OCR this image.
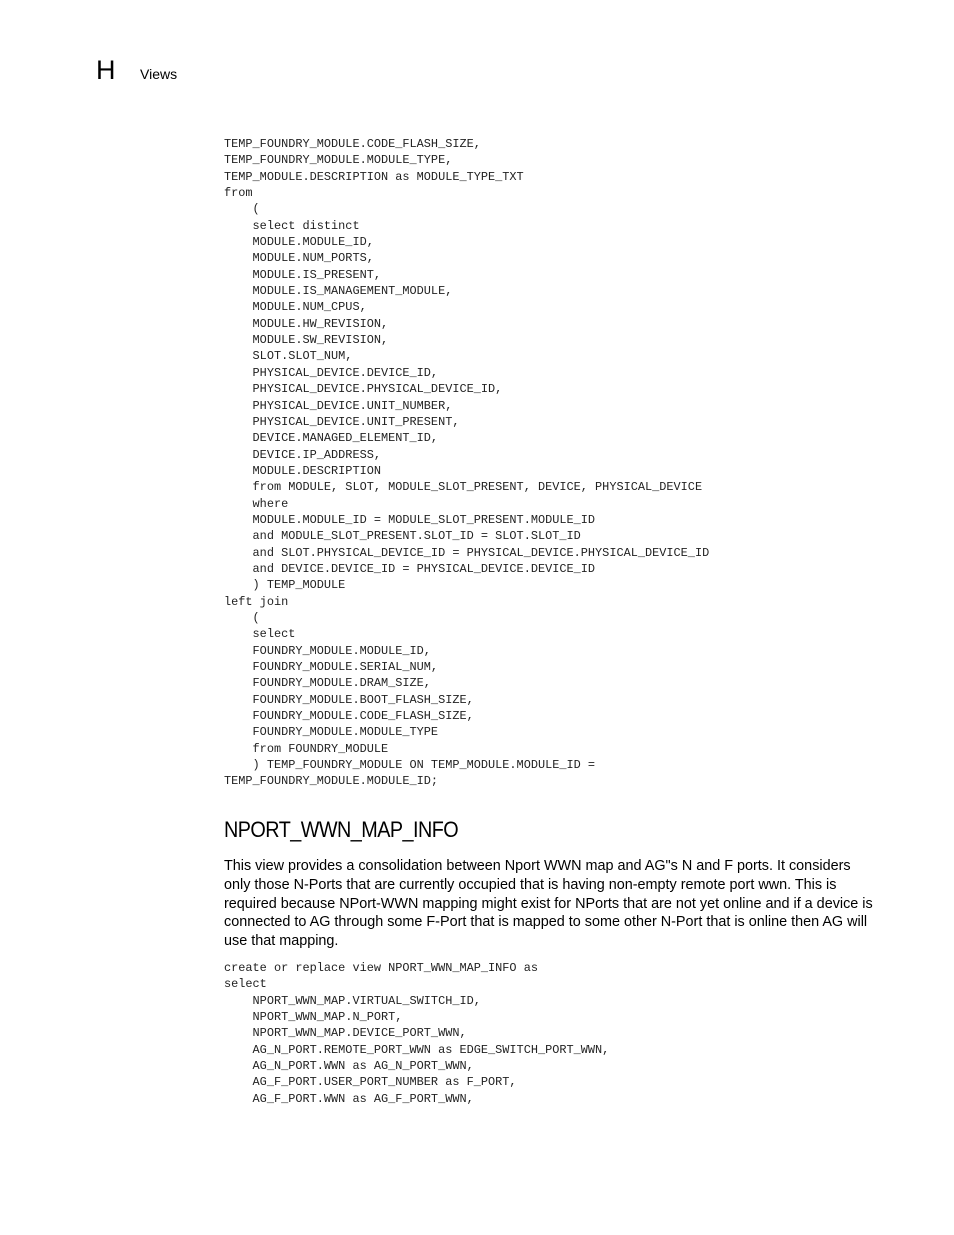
H Views
TEMP_FOUNDRY_MODULE.CODE_FLASH_SIZE,
TEMP_FOUNDRY_MODULE.MODULE_TYPE,
TEMP_MODULE.DESCRIPTION as MODULE_TYPE_TXT
from
(
select distinct
MODULE.MODULE_ID,
MODULE.NUM_PORTS,
MODULE.IS_PRESENT,
MODULE.IS_MANAGEMENT_MODULE,
MODULE.NUM_CPUS,
MODULE.HW_REVISION,
MODULE.SW_REVISION,
SLOT.SLOT_NUM,
PHYSICAL_DEVICE.DEVICE_ID,
PHYSICAL_DEVICE.PHYSICAL_DEVICE_ID,
PHYSICAL_DEVICE.UNIT_NUMBER,
PHYSICAL_DEVICE.UNIT_PRESENT,
DEVICE.MANAGED_ELEMENT_ID,
DEVICE.IP_ADDRESS,
MODULE.DESCRIPTION
from MODULE, SLOT, MODULE_SLOT_PRESENT, DEVICE, PHYSICAL_DEVICE
where
MODULE.MODULE_ID = MODULE_SLOT_PRESENT.MODULE_ID
and MODULE_SLOT_PRESENT.SLOT_ID = SLOT.SLOT_ID
and SLOT.PHYSICAL_DEVICE_ID = PHYSICAL_DEVICE.PHYSICAL_DEVICE_ID
and DEVICE.DEVICE_ID = PHYSICAL_DEVICE.DEVICE_ID
) TEMP_MODULE
left join
(
select
FOUNDRY_MODULE.MODULE_ID,
FOUNDRY_MODULE.SERIAL_NUM,
FOUNDRY_MODULE.DRAM_SIZE,
FOUNDRY_MODULE.BOOT_FLASH_SIZE,
FOUNDRY_MODULE.CODE_FLASH_SIZE,
FOUNDRY_MODULE.MODULE_TYPE
from FOUNDRY_MODULE
) TEMP_FOUNDRY_MODULE ON TEMP_MODULE.MODULE_ID =
TEMP_FOUNDRY_MODULE.MODULE_ID;
NPORT_WWN_MAP_INFO

This view provides a consolidation between Nport WWN map and AG"s N and F ports. It considers only those N-Ports that are currently occupied that is having non-empty remote port wwn. This is required because NPort-WWN mapping might exist for NPorts that are not yet online and if a device is connected to AG through some F-Port that is mapped to some other N-Port that is online then AG will use that mapping.

create or replace view NPORT_WWN_MAP_INFO as
select
NPORT_WWN_MAP.VIRTUAL_SWITCH_ID,
NPORT_WWN_MAP.N_PORT,
NPORT_WWN_MAP.DEVICE_PORT_WWN,
AG_N_PORT.REMOTE_PORT_WWN as EDGE_SWITCH_PORT_WWN,
AG_N_PORT.WWN as AG_N_PORT_WWN,
AG_F_PORT.USER_PORT_NUMBER as F_PORT,
AG_F_PORT.WWN as AG_F_PORT_WWN,
